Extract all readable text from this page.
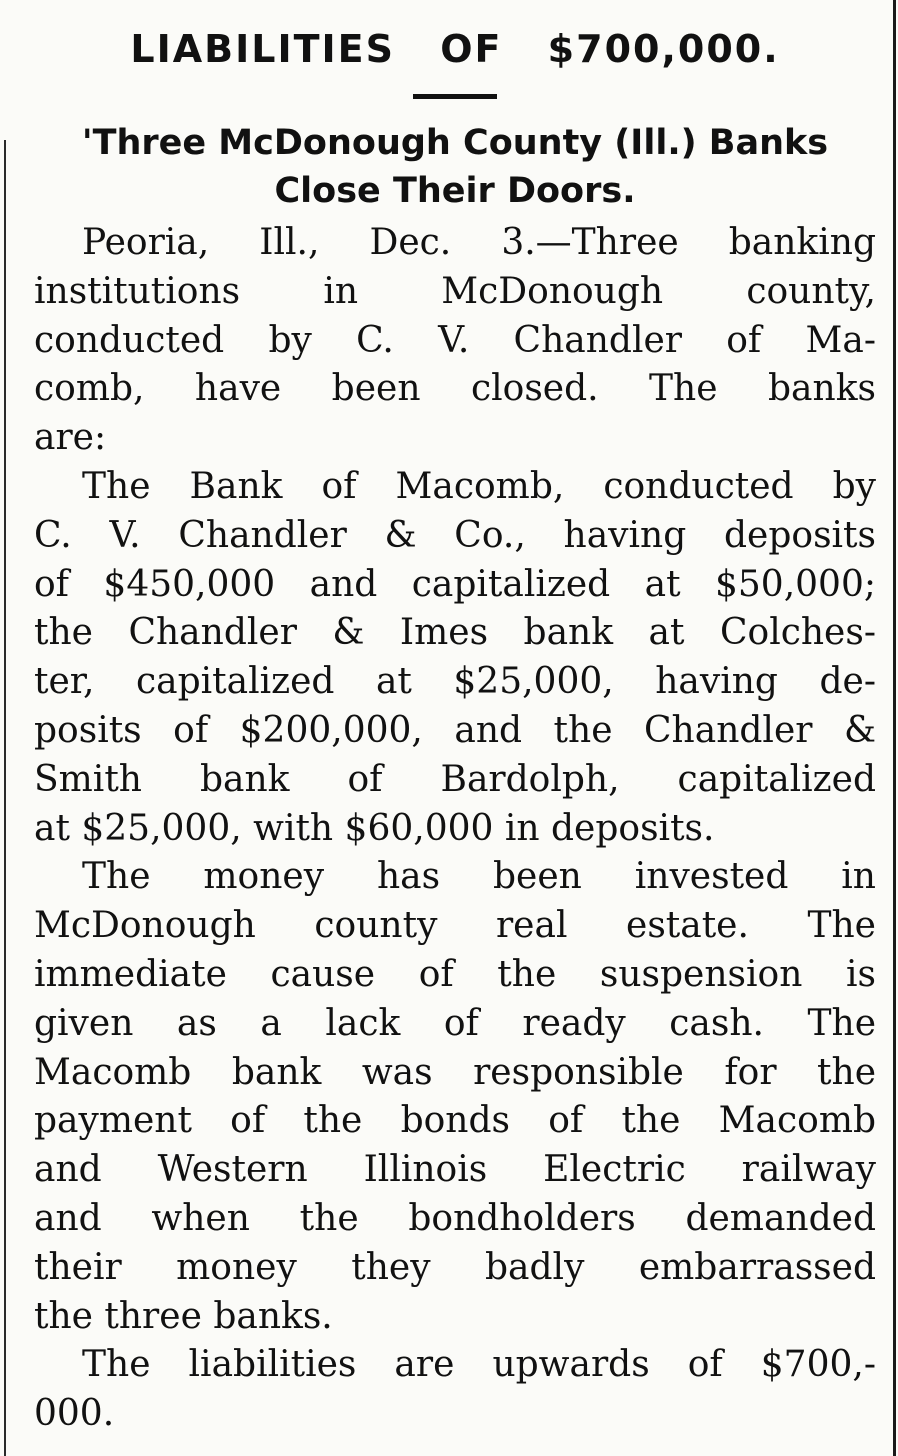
LIABILITIES OF $700,000.
'Three McDonough County (Ill.) Banks
Close Their Doors.

Peoria, Ill., Dec. 3.—Three banking
institutions in McDonough county,
conducted by C. V. Chandler of Ma-
comb, have been closed. The banks
are:

The Bank of Macomb, conducted by
C. V. Chandler & Co., having deposits
of $450,000 and capitalized at $50,000;
the Chandler & Imes bank at Colches-
ter, capitalized at $25,000, having de-
posits of $200,000, and the Chandler &
Smith bank of Bardolph, capitalized
at $25,000, with $60,000 in deposits.

The money has been invested in
McDonough county real estate. The
immediate cause of the suspension is
given as a lack of ready cash. The
Macomb bank was responsible for the
payment of the bonds of the Macomb
and Western Illinois Electric railway
and when the bondholders demanded
their money they badly embarrassed
the three banks.

The liabilities are upwards of $700,-
000.
